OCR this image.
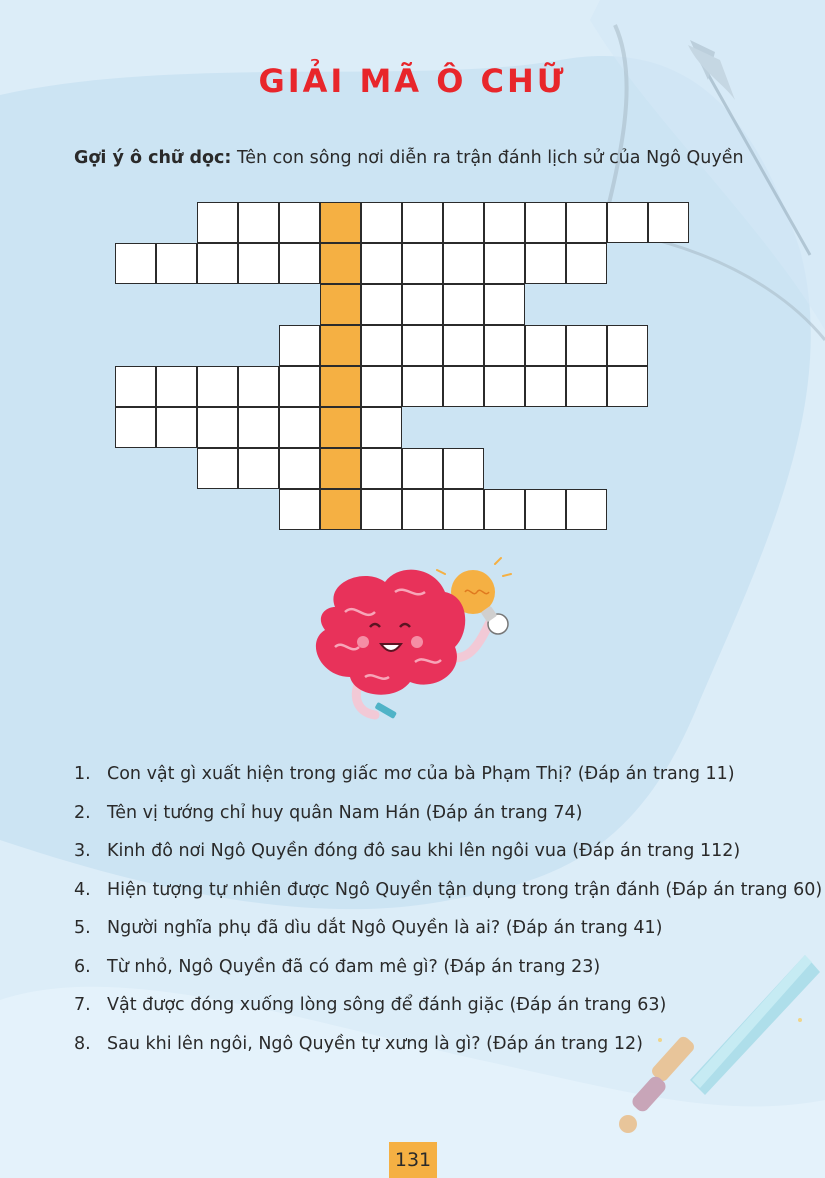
GIẢI MÃ Ô CHỮ
Gợi ý ô chữ dọc: Tên con sông nơi diễn ra trận đánh lịch sử của Ngô Quyền
1. Con vật gì xuất hiện trong giấc mơ của bà Phạm Thị? (Đáp án trang 11)
2. Tên vị tướng chỉ huy quân Nam Hán (Đáp án trang 74)
3. Kinh đô nơi Ngô Quyền đóng đô sau khi lên ngôi vua (Đáp án trang 112)
4. Hiện tượng tự nhiên được Ngô Quyền tận dụng trong trận đánh (Đáp án trang 60)
5. Người nghĩa phụ đã dìu dắt Ngô Quyền là ai? (Đáp án trang 41)
6. Từ nhỏ, Ngô Quyền đã có đam mê gì? (Đáp án trang 23)
7. Vật được đóng xuống lòng sông để đánh giặc (Đáp án trang 63)
8. Sau khi lên ngôi, Ngô Quyền tự xưng là gì? (Đáp án trang 12)
131
